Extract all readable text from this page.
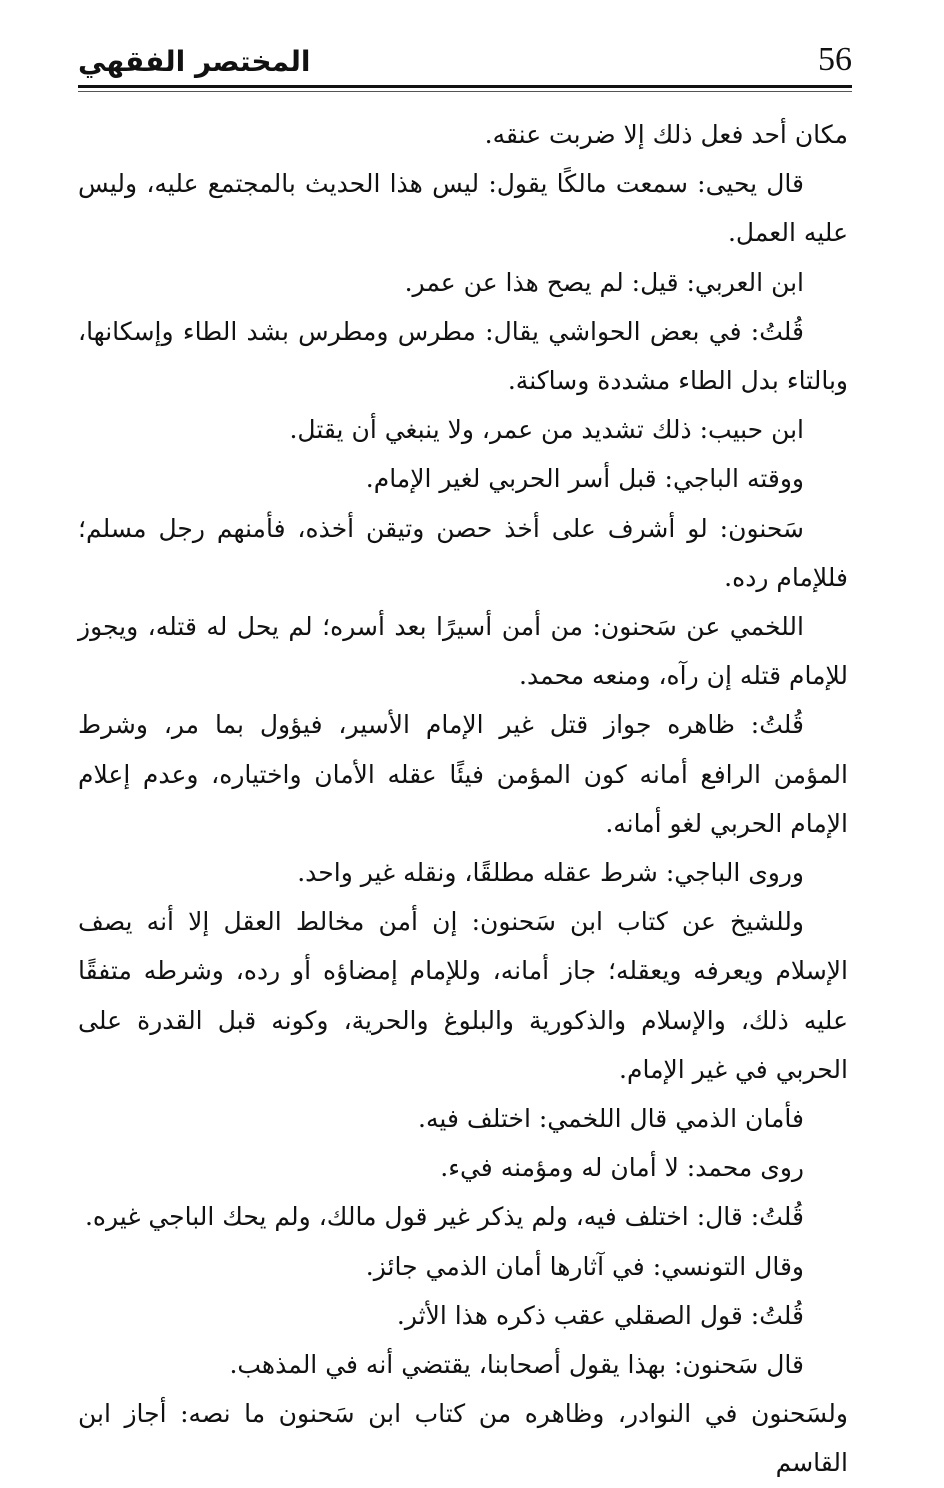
56
المختصر الفقهي

مكان أحد فعل ذلك إلا ضربت عنقه.

قال يحيى: سمعت مالكًا يقول: ليس هذا الحديث بالمجتمع عليه، وليس عليه العمل.

ابن العربي: قيل: لم يصح هذا عن عمر.

قُلتُ: في بعض الحواشي يقال: مطرس ومطرس بشد الطاء وإسكانها، وبالتاء بدل الطاء مشددة وساكنة.

ابن حبيب: ذلك تشديد من عمر، ولا ينبغي أن يقتل.

ووقته الباجي: قبل أسر الحربي لغير الإمام.

سَحنون: لو أشرف على أخذ حصن وتيقن أخذه، فأمنهم رجل مسلم؛ فللإمام رده.

اللخمي عن سَحنون: من أمن أسيرًا بعد أسره؛ لم يحل له قتله، ويجوز للإمام قتله إن رآه، ومنعه محمد.

قُلتُ: ظاهره جواز قتل غير الإمام الأسير، فيؤول بما مر، وشرط المؤمن الرافع أمانه كون المؤمن فيئًا عقله الأمان واختياره، وعدم إعلام الإمام الحربي لغو أمانه.

وروى الباجي: شرط عقله مطلقًا، ونقله غير واحد.

وللشيخ عن كتاب ابن سَحنون: إن أمن مخالط العقل إلا أنه يصف الإسلام ويعرفه ويعقله؛ جاز أمانه، وللإمام إمضاؤه أو رده، وشرطه متفقًا عليه ذلك، والإسلام والذكورية والبلوغ والحرية، وكونه قبل القدرة على الحربي في غير الإمام.

فأمان الذمي قال اللخمي: اختلف فيه.

روى محمد: لا أمان له ومؤمنه فيء.

قُلتُ: قال: اختلف فيه، ولم يذكر غير قول مالك، ولم يحك الباجي غيره.

وقال التونسي: في آثارها أمان الذمي جائز.

قُلتُ: قول الصقلي عقب ذكره هذا الأثر.

قال سَحنون: بهذا يقول أصحابنا، يقتضي أنه في المذهب.

ولسَحنون في النوادر، وظاهره من كتاب ابن سَحنون ما نصه: أجاز ابن القاسم
